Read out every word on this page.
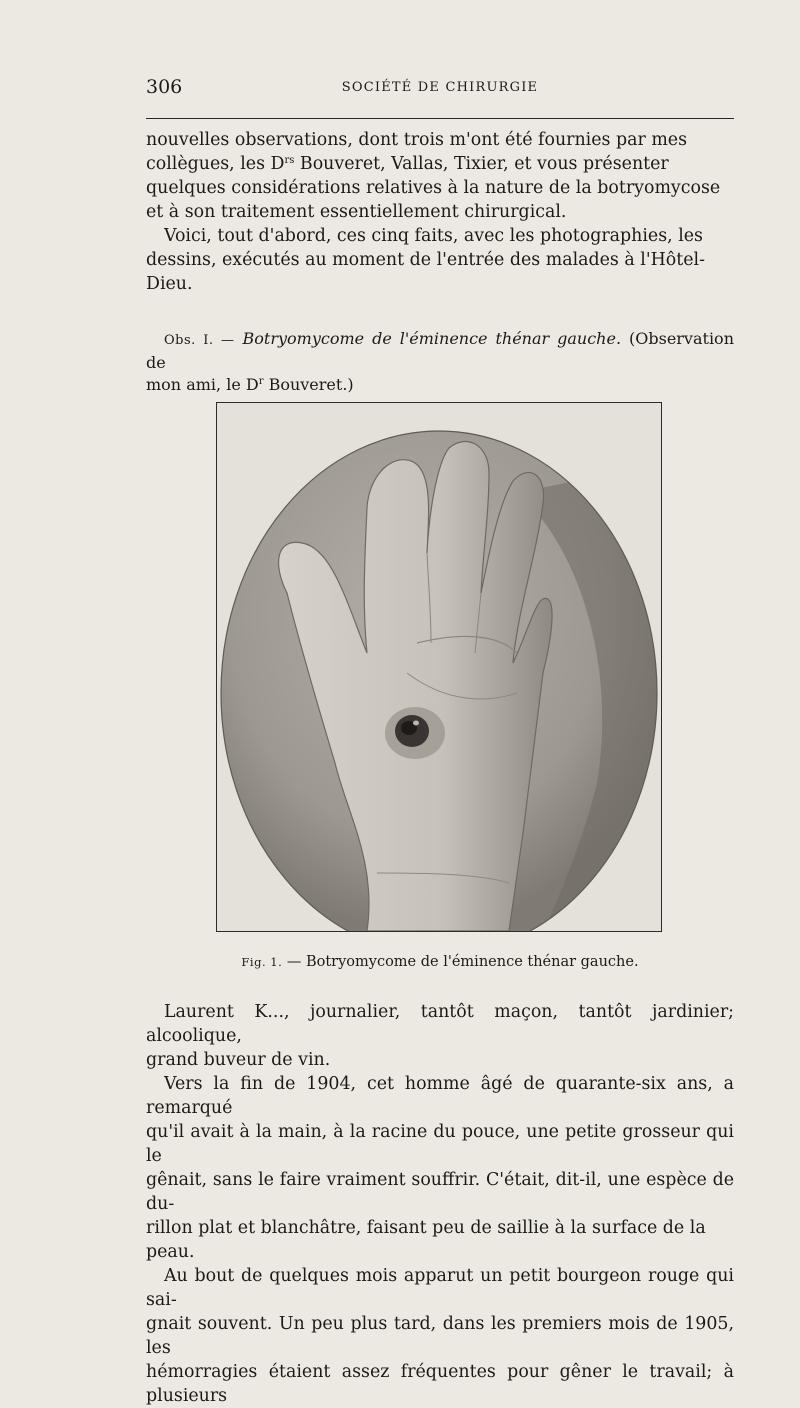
306	SOCIÉTÉ DE CHIRURGIE

nouvelles observations, dont trois m'ont été fournies par mes

collègues, les $D^{rs}$ Bouveret, Vallas, Tixier, et vous présenter

quelques considérations relatives à la nature de la botryomycose

et à son traitement essentiellement chirurgical.

Voici, tout d'abord, ces cinq faits, avec les photographies, les

dessins, exécutés au moment de l'entrée des malades à l'Hôtel-

Dieu.

Obs. I. — Botryomycome de l'éminence thénar gauche. (Observation de
mon ami, le $D^r$ Bouveret.)
Fig. 1. — Botryomycome de l'éminence thénar gauche.

Laurent K..., journalier, tantôt maçon, tantôt jardinier; alcoolique,

grand buveur de vin.

Vers la fin de 1904, cet homme âgé de quarante-six ans, a remarqué

qu'il avait à la main, à la racine du pouce, une petite grosseur qui le

gênait, sans le faire vraiment souffrir. C'était, dit-il, une espèce de du-

rillon plat et blanchâtre, faisant peu de saillie à la surface de la peau.

Au bout de quelques mois apparut un petit bourgeon rouge qui sai-

gnait souvent. Un peu plus tard, dans les premiers mois de 1905, les

hémorragies étaient assez fréquentes pour gêner le travail; à plusieurs
